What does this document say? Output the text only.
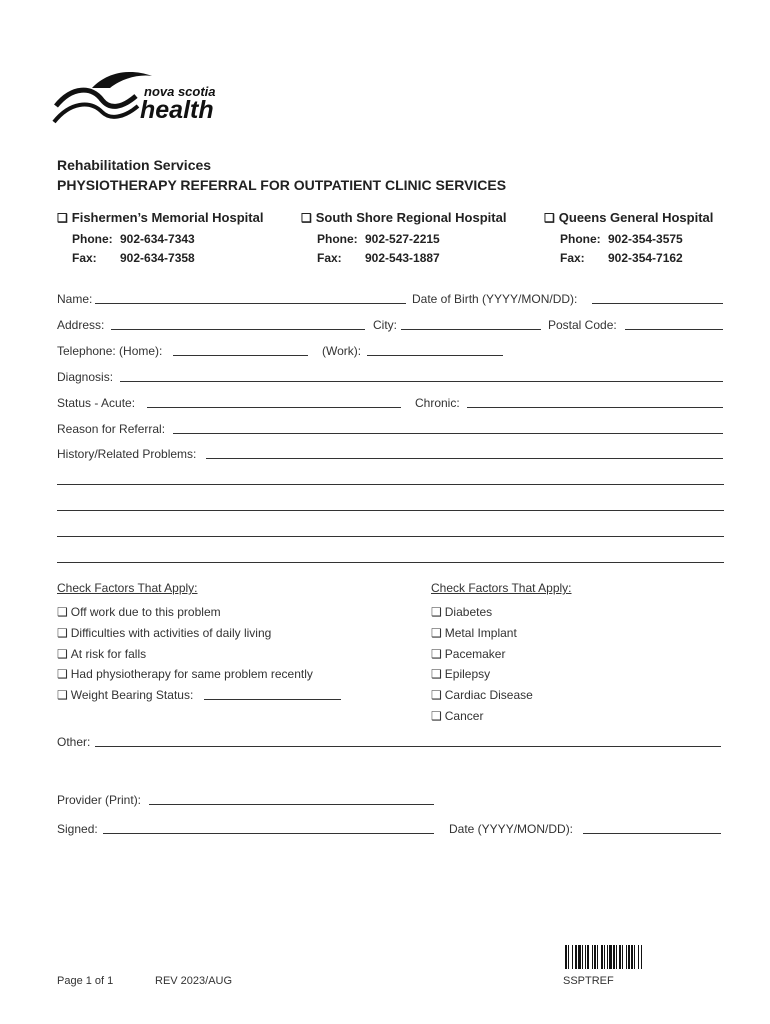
nova scotia
health
Rehabilitation Services
PHYSIOTHERAPY REFERRAL FOR OUTPATIENT CLINIC SERVICES
❑ Fishermen’s Memorial Hospital	❑ South Shore Regional Hospital	❑ Queens General Hospital
Phone: 902-634-7343
Fax: 902-634-7358
Phone: 902-527-2215
Fax: 902-543-1887
Phone: 902-354-3575
Fax: 902-354-7162
Name:	Date of Birth (YYYY/MON/DD):
Address:	City:	Postal Code:
Telephone: (Home):	(Work):
Diagnosis:
Status - Acute:	Chronic:
Reason for Referral:
History/Related Problems:
Check Factors That Apply:	Check Factors That Apply:
❑ Off work due to this problem
❑ Difficulties with activities of daily living
❑ At risk for falls
❑ Had physiotherapy for same problem recently
❑ Weight Bearing Status:
❑ Diabetes
❑ Metal Implant
❑ Pacemaker
❑ Epilepsy
❑ Cardiac Disease
❑ Cancer
Other:
Provider (Print):
Signed:	Date (YYYY/MON/DD):
Page 1 of 1	REV 2023/AUG	SSPTREF
